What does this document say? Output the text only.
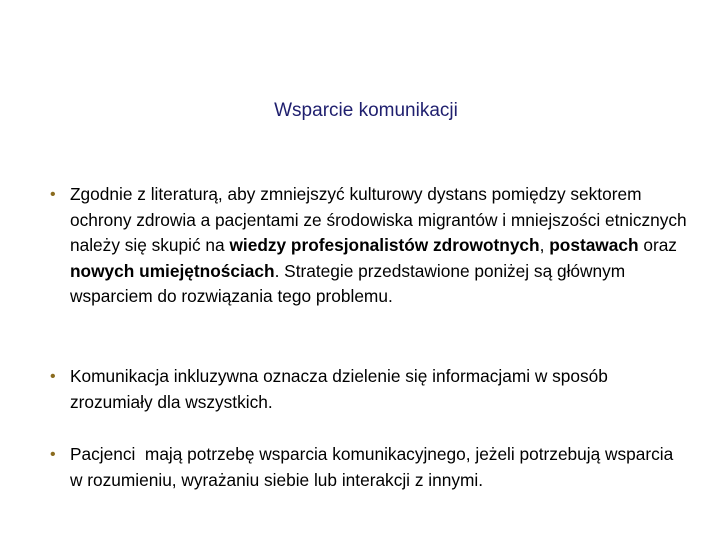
Wsparcie komunikacji
• Zgodnie z literaturą, aby zmniejszyć kulturowy dystans pomiędzy sektorem ochrony zdrowia a pacjentami ze środowiska migrantów i mniejszości etnicznych należy się skupić na wiedzy profesjonalistów zdrowotnych, postawach oraz nowych umiejętnościach. Strategie przedstawione poniżej są głównym wsparciem do rozwiązania tego problemu.
• Komunikacja inkluzywna oznacza dzielenie się informacjami w sposób zrozumiały dla wszystkich.
• Pacjenci  mają potrzebę wsparcia komunikacyjnego, jeżeli potrzebują wsparcia     w rozumieniu, wyrażaniu siebie lub interakcji z innymi.
